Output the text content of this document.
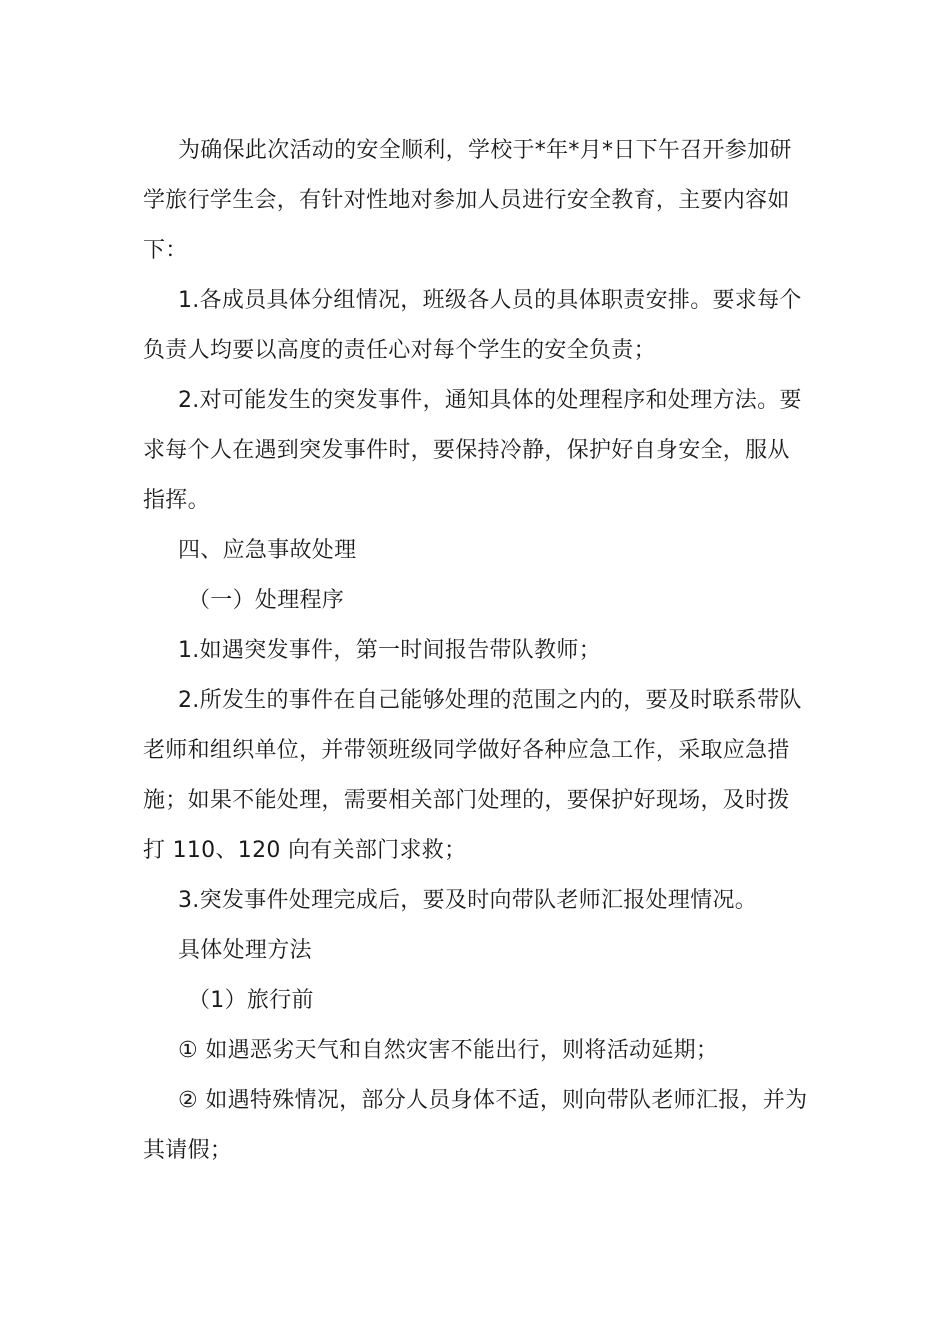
为确保此次活动的安全顺利，学校于*年*月*日下午召开参加研学旅行学生会，有针对性地对参加人员进行安全教育，主要内容如下：

1.各成员具体分组情况，班级各人员的具体职责安排。要求每个负责人均要以高度的责任心对每个学生的安全负责；

2.对可能发生的突发事件，通知具体的处理程序和处理方法。要求每个人在遇到突发事件时，要保持冷静，保护好自身安全，服从指挥。

四、应急事故处理

（一）处理程序

1.如遇突发事件，第一时间报告带队教师；

2.所发生的事件在自己能够处理的范围之内的，要及时联系带队老师和组织单位，并带领班级同学做好各种应急工作，采取应急措施；如果不能处理，需要相关部门处理的，要保护好现场，及时拨打 110、120 向有关部门求救；

3.突发事件处理完成后，要及时向带队老师汇报处理情况。

具体处理方法

（1）旅行前

① 如遇恶劣天气和自然灾害不能出行，则将活动延期；

② 如遇特殊情况，部分人员身体不适，则向带队老师汇报，并为其请假；
